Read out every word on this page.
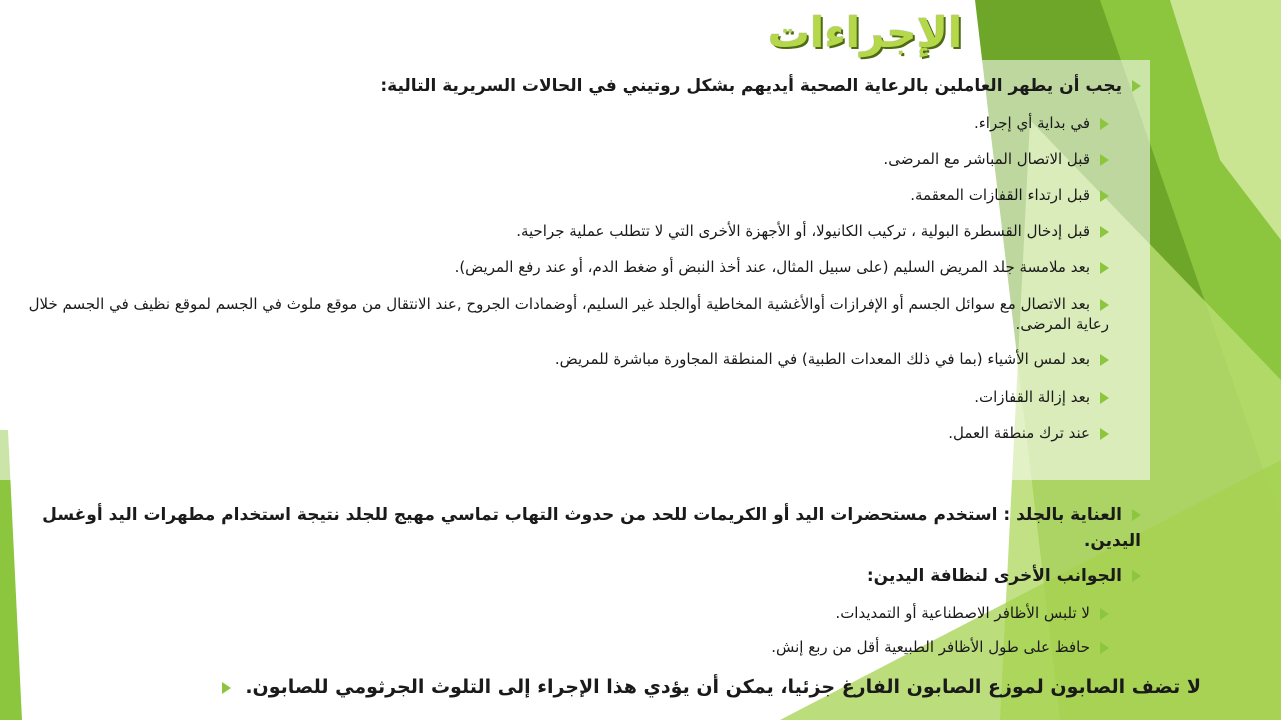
الإجراءات
يجب أن يطهر العاملين بالرعاية الصحية أيديهم بشكل روتيني في الحالات السريرية التالية:
في بداية أي إجراء.
قبل الاتصال المباشر مع المرضى.
قبل ارتداء القفازات المعقمة.
قبل إدخال القسطرة البولية ، تركيب الكانيولا، أو الأجهزة الأخرى التي لا تتطلب عملية جراحية.
بعد ملامسة جلد المريض السليم (على سبيل المثال، عند أخذ النبض أو ضغط الدم، أو عند رفع المريض).
بعد الاتصال مع سوائل الجسم أو الإفرازات أوالأغشية المخاطية أوالجلد غير السليم، أوضمادات الجروح ,عند الانتقال من موقع ملوث في الجسم لموقع نظيف في الجسم خلال رعاية المرضى.
بعد لمس الأشياء (بما في ذلك المعدات الطبية) في المنطقة المجاورة مباشرة للمريض.
بعد إزالة القفازات.
عند ترك منطقة العمل.
العناية بالجلد : استخدم مستحضرات اليد أو الكريمات للحد من حدوث التهاب تماسي مهيج للجلد نتيجة استخدام مطهرات اليد أوغسل اليدين.
الجوانب الأخرى لنظافة اليدين:
لا تلبس الأظافر الاصطناعية أو التمديدات.
حافظ على طول الأظافر الطبيعية أقل من ربع إنش.
لا تضف الصابون لموزع الصابون الفارغ جزئيا، يمكن أن يؤدي هذا الإجراء إلى التلوث الجرثومي للصابون.
